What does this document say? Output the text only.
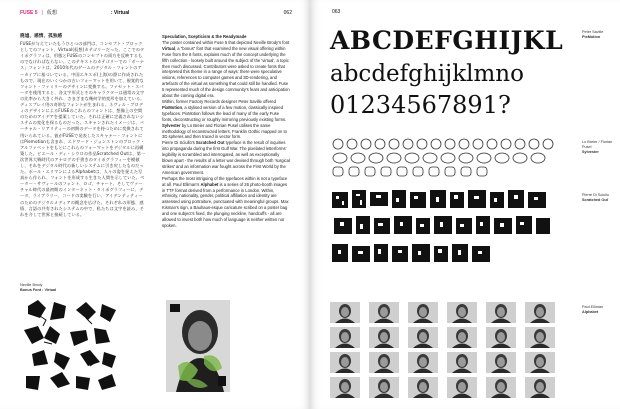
FUSE 5 | 仮想	: Virtual	062
廃墟、感情、孤独感
FUSEが与えていたもうひとつの部門は、コンセプト・ブロックとしてのフォント、Virtual(仮想)カテゴリーだった。ここでのタイポグラフィは、形態とFUSEのコンセプトの両方を反映するものでなければならない。このテキストのカテゴリーでの「ボーナス」フォントは、2010年代のゲームのデジタル・フォントのアーカイブに基づいている。中国エキスポ(上海)の際に作成されたもので、現在のいくつかの古いフォーマットを用いて、視覚的なフォント・ファミリーのデザインに変換する。ファセット・スパーダを使用すると、各文字形式とそのキャラクターは通常の文字の比率から大きく外れ、さまざまな幾何学的変形を加えている。ディスプレイ用の奇妙なフォントが生まれる。ネヴィル・ブロディのデザインによるFUSEのこれらのフォントは、想像上の空間のためのアイデアを提案していた。それは正確に定義されないシステムの変化を探るものだった。スキャンされたイメージは、バーチャル・リアリティーの初期のデータを持つために変換されて用いられている。彼がFUSEで発表したスキャナー・フォントにはPiemotionも含まれ、エドワード・ジョンストンのブロック・アルファベットをもとにこれらのフォーマットをデジタルに再構築した。ピエール・ディ・シウロの作品Scratched Outは、第一次世界大戦時代のアナログの手書きのタイポグラフィーを模倣し、それをデジタル時代の新しいシステムに引き戻したものだった。ポール・エリマンによるAlphabetは、人々の姿を捉えた写真から作られ、フォントを形成する生きた人間を示していた。ペーター・サヴィールのフォント、ロゴ、チャート、そしてヴァーチャル時代の最初期のインターネット・タイポグラフィーに、データ、ライブラリー、コードの実験を行い、アイデンティティーのためのデジタルメディアの概念を広げた。それぞれの形態、感情、言語の共有されたシステムの中で、私たちは文字を読み、それを介して世界と接続している。
Speculation, Scepticism & the Readymade
The poster contained within Fuse 5 that depicted Neville Brody's font Virtual, a "bonus" font that examined the new visual offering within Fuse from the 8 fonts, explains much of the concept underlying the fifth collection - loosely built around the subject of the 'virtual', a topic then much discussed. Contributors were asked to create fonts that interpreted this theme in a range of ways: there were speculative visions, references to computer games and 3D-rendering, and artefacts of the virtual as something that could still be handled. Fuse 5 represented much of the design community's fears and anticipation about the coming digital era.
Within, former Factory Records designer Peter Saville offered PixMotion, a stylised version of a few motion, classically inspired typefaces. PixMotion follows the lead of many of the early Fuse fonts, deconstructing or roughly mirroring previously existing forms. Sylvester by Lo Breier and Florian Pusel utilises the same methodology of reconstructed letters, Franklin Gothic mapped on to 3D spheres and then traced in vector form.
Pierre Di Sciullo's Scratched Out typeface is the result of inquiries into propaganda during the first Gulf War. The pixelated letterforms' legibility is scrambled and interrogated, as well as exceptionally blown apart - the results of a letter war devised through both 'surgical strikes' and an information war fought across the First World by the American government.
Perhaps the most intriguing of the typefaces within is not a typeface at all. Paul Elliman's Alphabet is a series of 26 photo-booth images in TTF format derived from a performance in London. Within, ethnicity, nationality, gender, political affiliation and identity are assessed using portraiture, punctuated with meaningful groups. Max Kisman's sign, a Bauhaus-esque caricature scribed on a poster bag and one subject's fixed, the plunging neckline, handcuffs - all are allowed to invest both how much of language is neither written nor spoken.
Neville Brody
Bonus Font : Virtual
063
ABCDEFGHIJKL
abcdefghijklmno
01234567891?
Peter Saville
PixMotion
Lo Breier / Florian Pusel
Sylvester
Pierre Di Sciullo
Scratched Out
Paul Elliman
Alphabet
